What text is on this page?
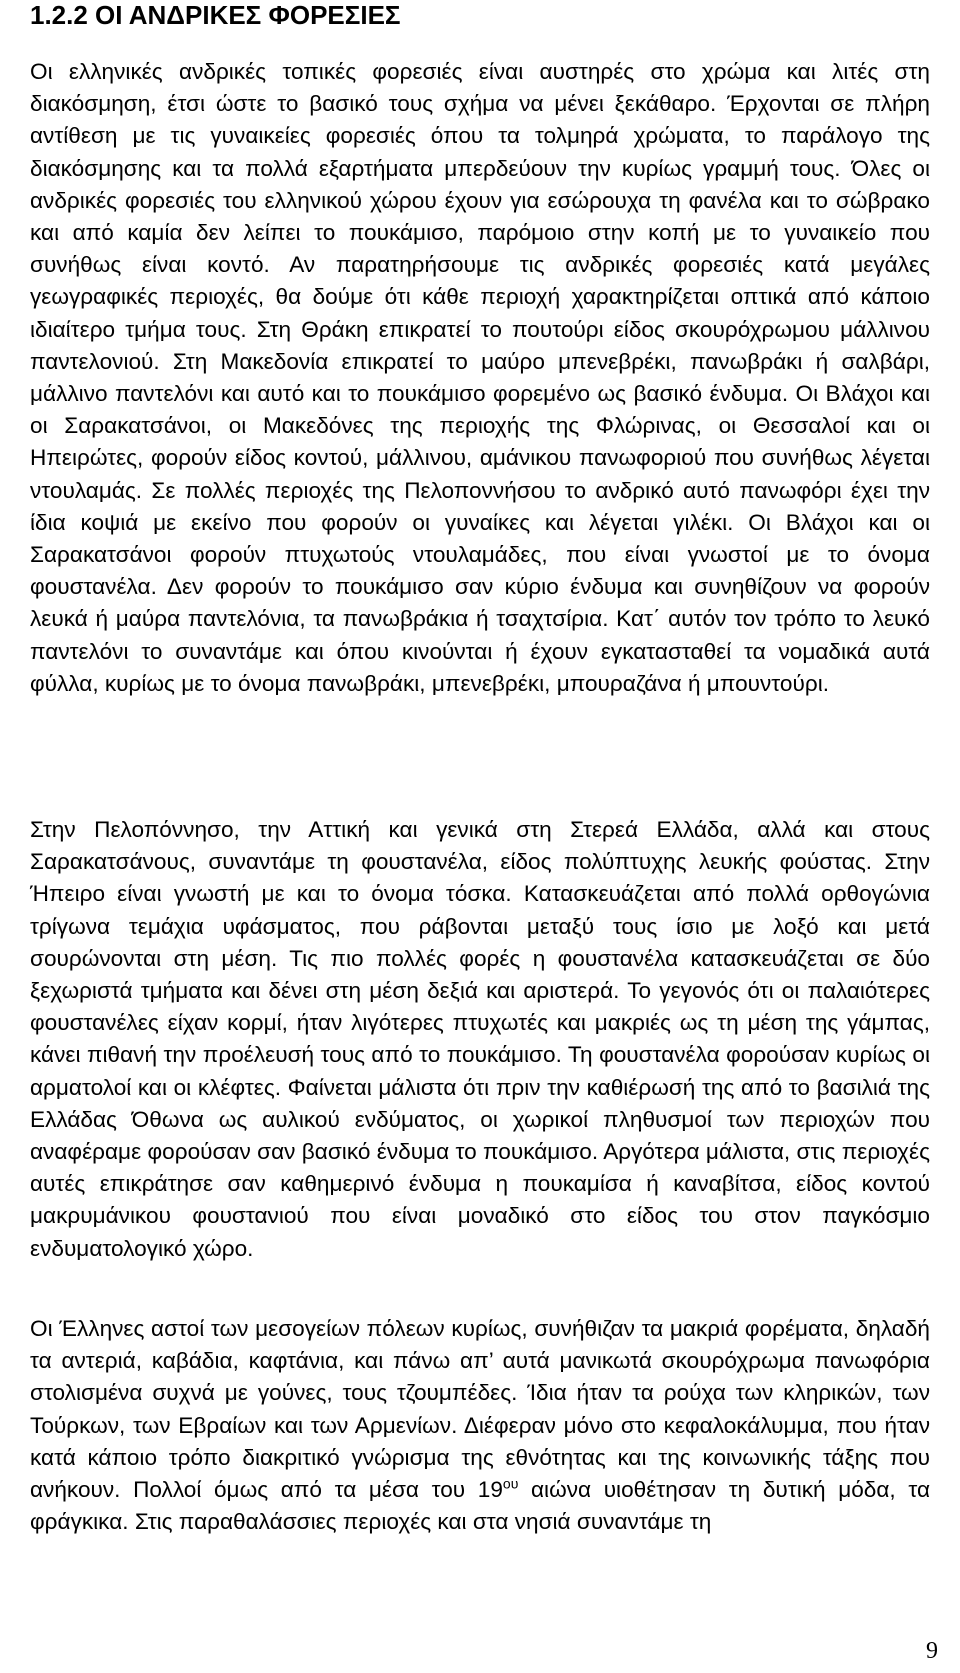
1.2.2 ΟΙ ΑΝΔΡΙΚΕΣ ΦΟΡΕΣΙΕΣ

Οι ελληνικές ανδρικές τοπικές φορεσιές είναι αυστηρές στο χρώμα και λιτές στη διακόσμηση, έτσι ώστε το βασικό τους σχήμα να μένει ξεκάθαρο. Έρχονται σε πλήρη αντίθεση με τις γυναικείες φορεσιές όπου τα τολμηρά χρώματα, το παράλογο της διακόσμησης και τα πολλά εξαρτήματα μπερδεύουν την κυρίως γραμμή τους. Όλες οι ανδρικές φορεσιές του ελληνικού χώρου έχουν για εσώρουχα τη φανέλα και το σώβρακο και από καμία δεν λείπει το πουκάμισο, παρόμοιο στην κοπή με το γυναικείο που συνήθως είναι κοντό. Αν παρατηρήσουμε τις ανδρικές φορεσιές κατά μεγάλες γεωγραφικές περιοχές, θα δούμε ότι κάθε περιοχή χαρακτηρίζεται οπτικά από κάποιο ιδιαίτερο τμήμα τους. Στη Θράκη επικρατεί το πουτούρι είδος σκουρόχρωμου μάλλινου παντελονιού. Στη Μακεδονία επικρατεί το μαύρο μπενεβρέκι, πανωβράκι ή σαλβάρι, μάλλινο παντελόνι και αυτό και το πουκάμισο φορεμένο ως βασικό ένδυμα. Οι Βλάχοι και οι Σαρακατσάνοι, οι Μακεδόνες της περιοχής της Φλώρινας, οι Θεσσαλοί και οι Ηπειρώτες, φορούν είδος κοντού, μάλλινου, αμάνικου πανωφοριού που συνήθως λέγεται ντουλαμάς. Σε πολλές περιοχές της Πελοποννήσου το ανδρικό αυτό πανωφόρι έχει την ίδια κοψιά με εκείνο που φορούν οι γυναίκες και λέγεται γιλέκι. Οι Βλάχοι και οι Σαρακατσάνοι φορούν πτυχωτούς ντουλαμάδες, που είναι γνωστοί με το όνομα φουστανέλα. Δεν φορούν το πουκάμισο σαν κύριο ένδυμα και συνηθίζουν να φορούν λευκά ή μαύρα παντελόνια, τα πανωβράκια ή τσαχτσίρια. Κατ΄ αυτόν τον τρόπο το λευκό παντελόνι το συναντάμε και όπου κινούνται ή έχουν εγκατασταθεί τα νομαδικά αυτά φύλλα, κυρίως με το όνομα πανωβράκι, μπενεβρέκι, μπουραζάνα ή μπουντούρι.

Στην Πελοπόννησο, την Αττική και γενικά στη Στερεά Ελλάδα, αλλά και στους Σαρακατσάνους, συναντάμε τη φουστανέλα, είδος πολύπτυχης λευκής φούστας. Στην Ήπειρο είναι γνωστή με και το όνομα τόσκα. Κατασκευάζεται από πολλά ορθογώνια τρίγωνα τεμάχια υφάσματος, που ράβονται μεταξύ τους ίσιο με λοξό και μετά σουρώνονται στη μέση. Τις πιο πολλές φορές η φουστανέλα κατασκευάζεται σε δύο ξεχωριστά τμήματα και δένει στη μέση δεξιά και αριστερά. Το γεγονός ότι οι παλαιότερες φουστανέλες είχαν κορμί, ήταν λιγότερες πτυχωτές και μακριές ως τη μέση της γάμπας, κάνει πιθανή την προέλευσή τους από το πουκάμισο. Τη φουστανέλα φορούσαν κυρίως οι αρματολοί και οι κλέφτες. Φαίνεται μάλιστα ότι πριν την καθιέρωσή της από το βασιλιά της Ελλάδας Όθωνα ως αυλικού ενδύματος, οι χωρικοί πληθυσμοί των περιοχών που αναφέραμε φορούσαν σαν βασικό ένδυμα το πουκάμισο. Αργότερα μάλιστα, στις περιοχές αυτές επικράτησε σαν καθημερινό ένδυμα η πουκαμίσα ή καναβίτσα, είδος κοντού μακρυμάνικου φουστανιού που είναι μοναδικό στο είδος του στον παγκόσμιο ενδυματολογικό χώρο.

Οι Έλληνες αστοί των μεσογείων πόλεων κυρίως, συνήθιζαν τα μακριά φορέματα, δηλαδή τα αντεριά, καβάδια, καφτάνια, και πάνω απ’ αυτά μανικωτά σκουρόχρωμα πανωφόρια στολισμένα συχνά με γούνες, τους τζουμπέδες. Ίδια ήταν τα ρούχα των κληρικών, των Τούρκων, των Εβραίων και των Αρμενίων. Διέφεραν μόνο στο κεφαλοκάλυμμα, που ήταν κατά κάποιο τρόπο διακριτικό γνώρισμα της εθνότητας και της κοινωνικής τάξης που ανήκουν. Πολλοί όμως από τα μέσα του $19^{o\upsilon}$ αιώνα υιοθέτησαν τη δυτική μόδα, τα φράγκικα. Στις παραθαλάσσιες περιοχές και στα νησιά συναντάμε τη

9
